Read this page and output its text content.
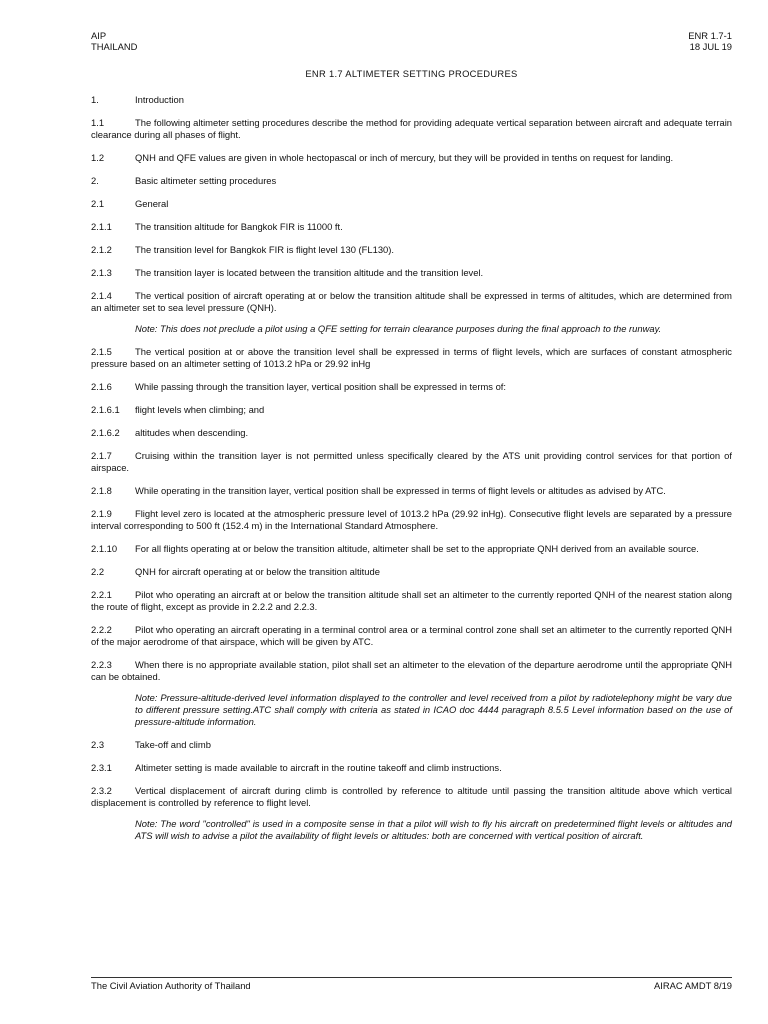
AIP
THAILAND
ENR 1.7-1
18 JUL 19
ENR 1.7 ALTIMETER SETTING PROCEDURES
1.	Introduction
1.1	The following altimeter setting procedures describe the method for providing adequate vertical separation between aircraft and adequate terrain clearance during all phases of flight.
1.2	QNH and QFE values are given in whole hectopascal or inch of mercury, but they will be provided in tenths on request for landing.
2.	Basic altimeter setting procedures
2.1	General
2.1.1 The transition altitude for Bangkok FIR is 11000 ft.
2.1.2 The transition level for Bangkok FIR is flight level 130 (FL130).
2.1.3 The transition layer is located between the transition altitude and the transition level.
2.1.4 The vertical position of aircraft operating at or below the transition altitude shall be expressed in terms of altitudes, which are determined from an altimeter set to sea level pressure (QNH).
Note: This does not preclude a pilot using a QFE setting for terrain clearance purposes during the final approach to the runway.
2.1.5 The vertical position at or above the transition level shall be expressed in terms of flight levels, which are surfaces of constant atmospheric pressure based on an altimeter setting of 1013.2 hPa or 29.92 inHg
2.1.6 While passing through the transition layer, vertical position shall be expressed in terms of:
2.1.6.1 flight levels when climbing; and
2.1.6.2 altitudes when descending.
2.1.7 Cruising within the transition layer is not permitted unless specifically cleared by the ATS unit providing control services for that portion of airspace.
2.1.8 While operating in the transition layer, vertical position shall be expressed in terms of flight levels or altitudes as advised by ATC.
2.1.9 Flight level zero is located at the atmospheric pressure level of 1013.2 hPa (29.92 inHg). Consecutive flight levels are separated by a pressure interval corresponding to 500 ft (152.4 m) in the International Standard Atmosphere.
2.1.10 For all flights operating at or below the transition altitude, altimeter shall be set to the appropriate QNH derived from an available source.
2.2	QNH for aircraft operating at or below the transition altitude
2.2.1 Pilot who operating an aircraft at or below the transition altitude shall set an altimeter to the currently reported QNH of the nearest station along the route of flight, except as provide in 2.2.2 and 2.2.3.
2.2.2 Pilot who operating an aircraft operating in a terminal control area or a terminal control zone shall set an altimeter to the currently reported QNH of the major aerodrome of that airspace, which will be given by ATC.
2.2.3 When there is no appropriate available station, pilot shall set an altimeter to the elevation of the departure aerodrome until the appropriate QNH can be obtained.
Note: Pressure-altitude-derived level information displayed to the controller and level received from a pilot by radiotelephony might be vary due to different pressure setting.ATC shall comply with criteria as stated in ICAO doc 4444 paragraph 8.5.5 Level information based on the use of pressure-altitude information.
2.3	Take-off and climb
2.3.1 Altimeter setting is made available to aircraft in the routine takeoff and climb instructions.
2.3.2 Vertical displacement of aircraft during climb is controlled by reference to altitude until passing the transition altitude above which vertical displacement is controlled by reference to flight level.
Note: The word "controlled" is used in a composite sense in that a pilot will wish to fly his aircraft on predetermined flight levels or altitudes and ATS will wish to advise a pilot the availability of flight levels or altitudes: both are concerned with vertical position of aircraft.
The Civil Aviation Authority of Thailand	AIRAC AMDT 8/19
